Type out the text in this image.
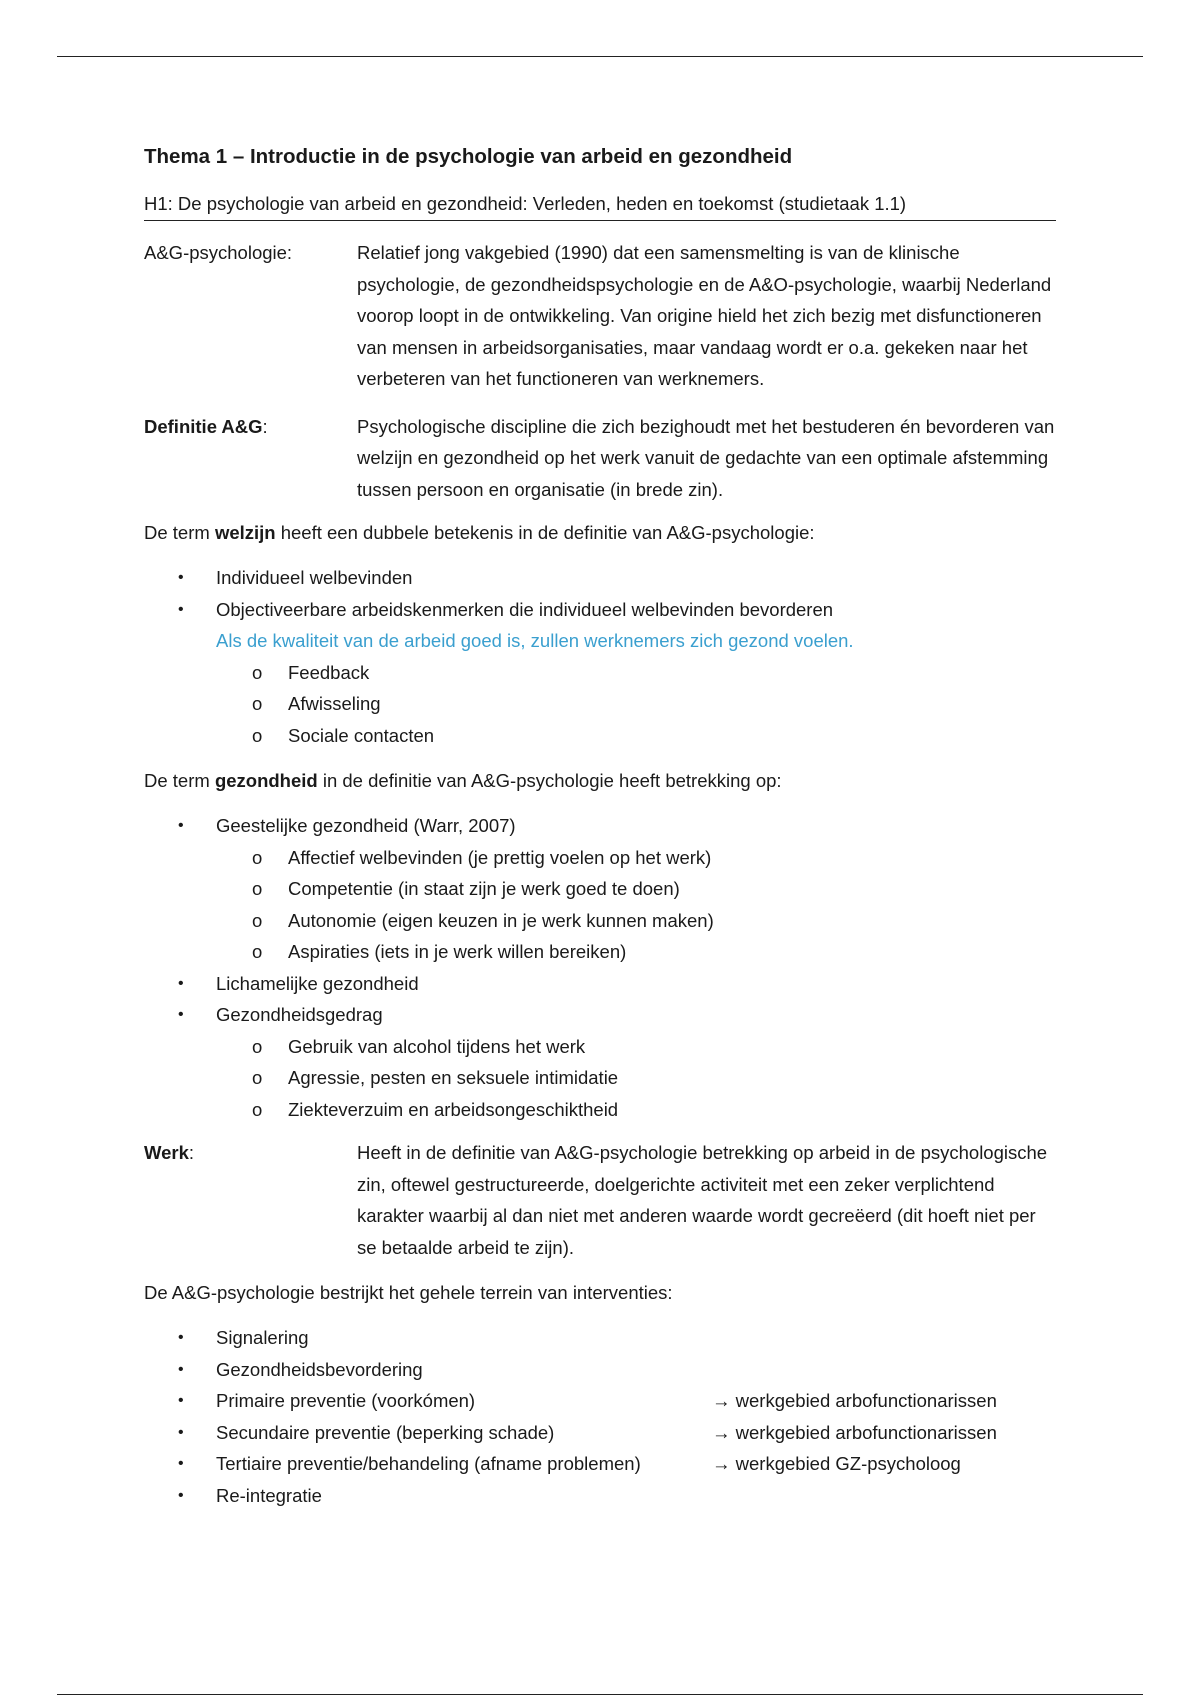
Thema 1 – Introductie in de psychologie van arbeid en gezondheid
H1: De psychologie van arbeid en gezondheid: Verleden, heden en toekomst (studietaak 1.1)
A&G-psychologie:	Relatief jong vakgebied (1990) dat een samensmelting is van de klinische psychologie, de gezondheidspsychologie en de A&O-psychologie, waarbij Nederland voorop loopt in de ontwikkeling. Van origine hield het zich bezig met disfunctioneren van mensen in arbeidsorganisaties, maar vandaag wordt er o.a. gekeken naar het verbeteren van het functioneren van werknemers.
Definitie A&G:	Psychologische discipline die zich bezighoudt met het bestuderen én bevorderen van welzijn en gezondheid op het werk vanuit de gedachte van een optimale afstemming tussen persoon en organisatie (in brede zin).
De term welzijn heeft een dubbele betekenis in de definitie van A&G-psychologie:
• Individueel welbevinden
• Objectiveerbare arbeidskenmerken die individueel welbevinden bevorderen
Als de kwaliteit van de arbeid goed is, zullen werknemers zich gezond voelen.
o Feedback
o Afwisseling
o Sociale contacten
De term gezondheid in de definitie van A&G-psychologie heeft betrekking op:
• Geestelijke gezondheid (Warr, 2007)
o Affectief welbevinden (je prettig voelen op het werk)
o Competentie (in staat zijn je werk goed te doen)
o Autonomie (eigen keuzen in je werk kunnen maken)
o Aspiraties (iets in je werk willen bereiken)
• Lichamelijke gezondheid
• Gezondheidsgedrag
o Gebruik van alcohol tijdens het werk
o Agressie, pesten en seksuele intimidatie
o Ziekteverzuim en arbeidsongeschiktheid
Werk:	Heeft in de definitie van A&G-psychologie betrekking op arbeid in de psychologische zin, oftewel gestructureerde, doelgerichte activiteit met een zeker verplichtend karakter waarbij al dan niet met anderen waarde wordt gecreëerd (dit hoeft niet per se betaalde arbeid te zijn).
De A&G-psychologie bestrijkt het gehele terrein van interventies:
• Signalering
• Gezondheidsbevordering
• Primaire preventie (voorkómen)	→ werkgebied arbofunctionarissen
• Secundaire preventie (beperking schade)	→ werkgebied arbofunctionarissen
• Tertiaire preventie/behandeling (afname problemen)	→ werkgebied GZ-psycholoog
• Re-integratie
